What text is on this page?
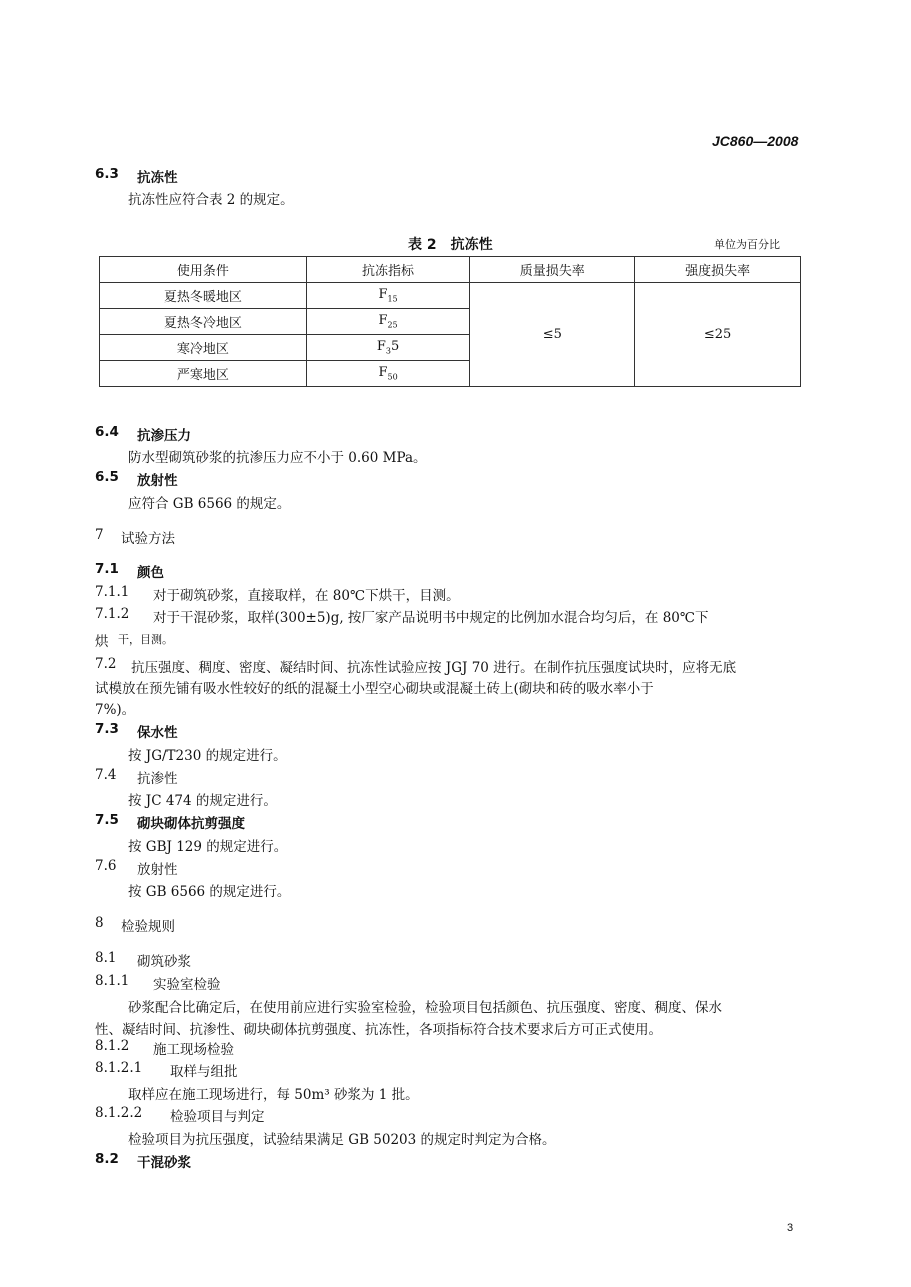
JC860—2008
6.3 抗冻性
抗冻性应符合表 2 的规定。
表 2　抗冻性	单位为百分比
使用条件	抗冻指标	质量损失率	强度损失率
夏热冬暖地区	$F_{15}$	≤5	≤25
夏热冬冷地区	$F_{25}$
寒冷地区	$F_35$		
严寒地区	$F_{50}$
6.4 抗渗压力
防水型砌筑砂浆的抗渗压力应不小于 0.60 MPa。
6.5 放射性
应符合 GB 6566 的规定。
7 试验方法
7.1 颜色
7.1.1 对于砌筑砂浆，直接取样，在 80℃下烘干，目测。
7.1.2 对于干混砂浆，取样(300±5)g, 按厂家产品说明书中规定的比例加水混合均匀后，在 80℃下
烘 干，目测。
7.2 抗压强度、稠度、密度、凝结时间、抗冻性试验应按 JGJ 70 进行。在制作抗压强度试块时，应将无底
试模放在预先铺有吸水性较好的纸的混凝土小型空心砌块或混凝土砖上(砌块和砖的吸水率小于
7%)。
7.3 保水性
按 JG/T230 的规定进行。
7.4 抗渗性
按 JC 474 的规定进行。
7.5 砌块砌体抗剪强度
按 GBJ 129 的规定进行。
7.6 放射性
按 GB 6566 的规定进行。
8 检验规则
8.1 砌筑砂浆
8.1.1 实验室检验
砂浆配合比确定后，在使用前应进行实验室检验，检验项目包括颜色、抗压强度、密度、稠度、保水
性、凝结时间、抗渗性、砌块砌体抗剪强度、抗冻性，各项指标符合技术要求后方可正式使用。
8.1.2 施工现场检验
8.1.2.1 取样与组批
取样应在施工现场进行，每 50m³ 砂浆为 1 批。
8.1.2.2 检验项目与判定
检验项目为抗压强度，试验结果满足 GB 50203 的规定时判定为合格。
8.2 干混砂浆
3
